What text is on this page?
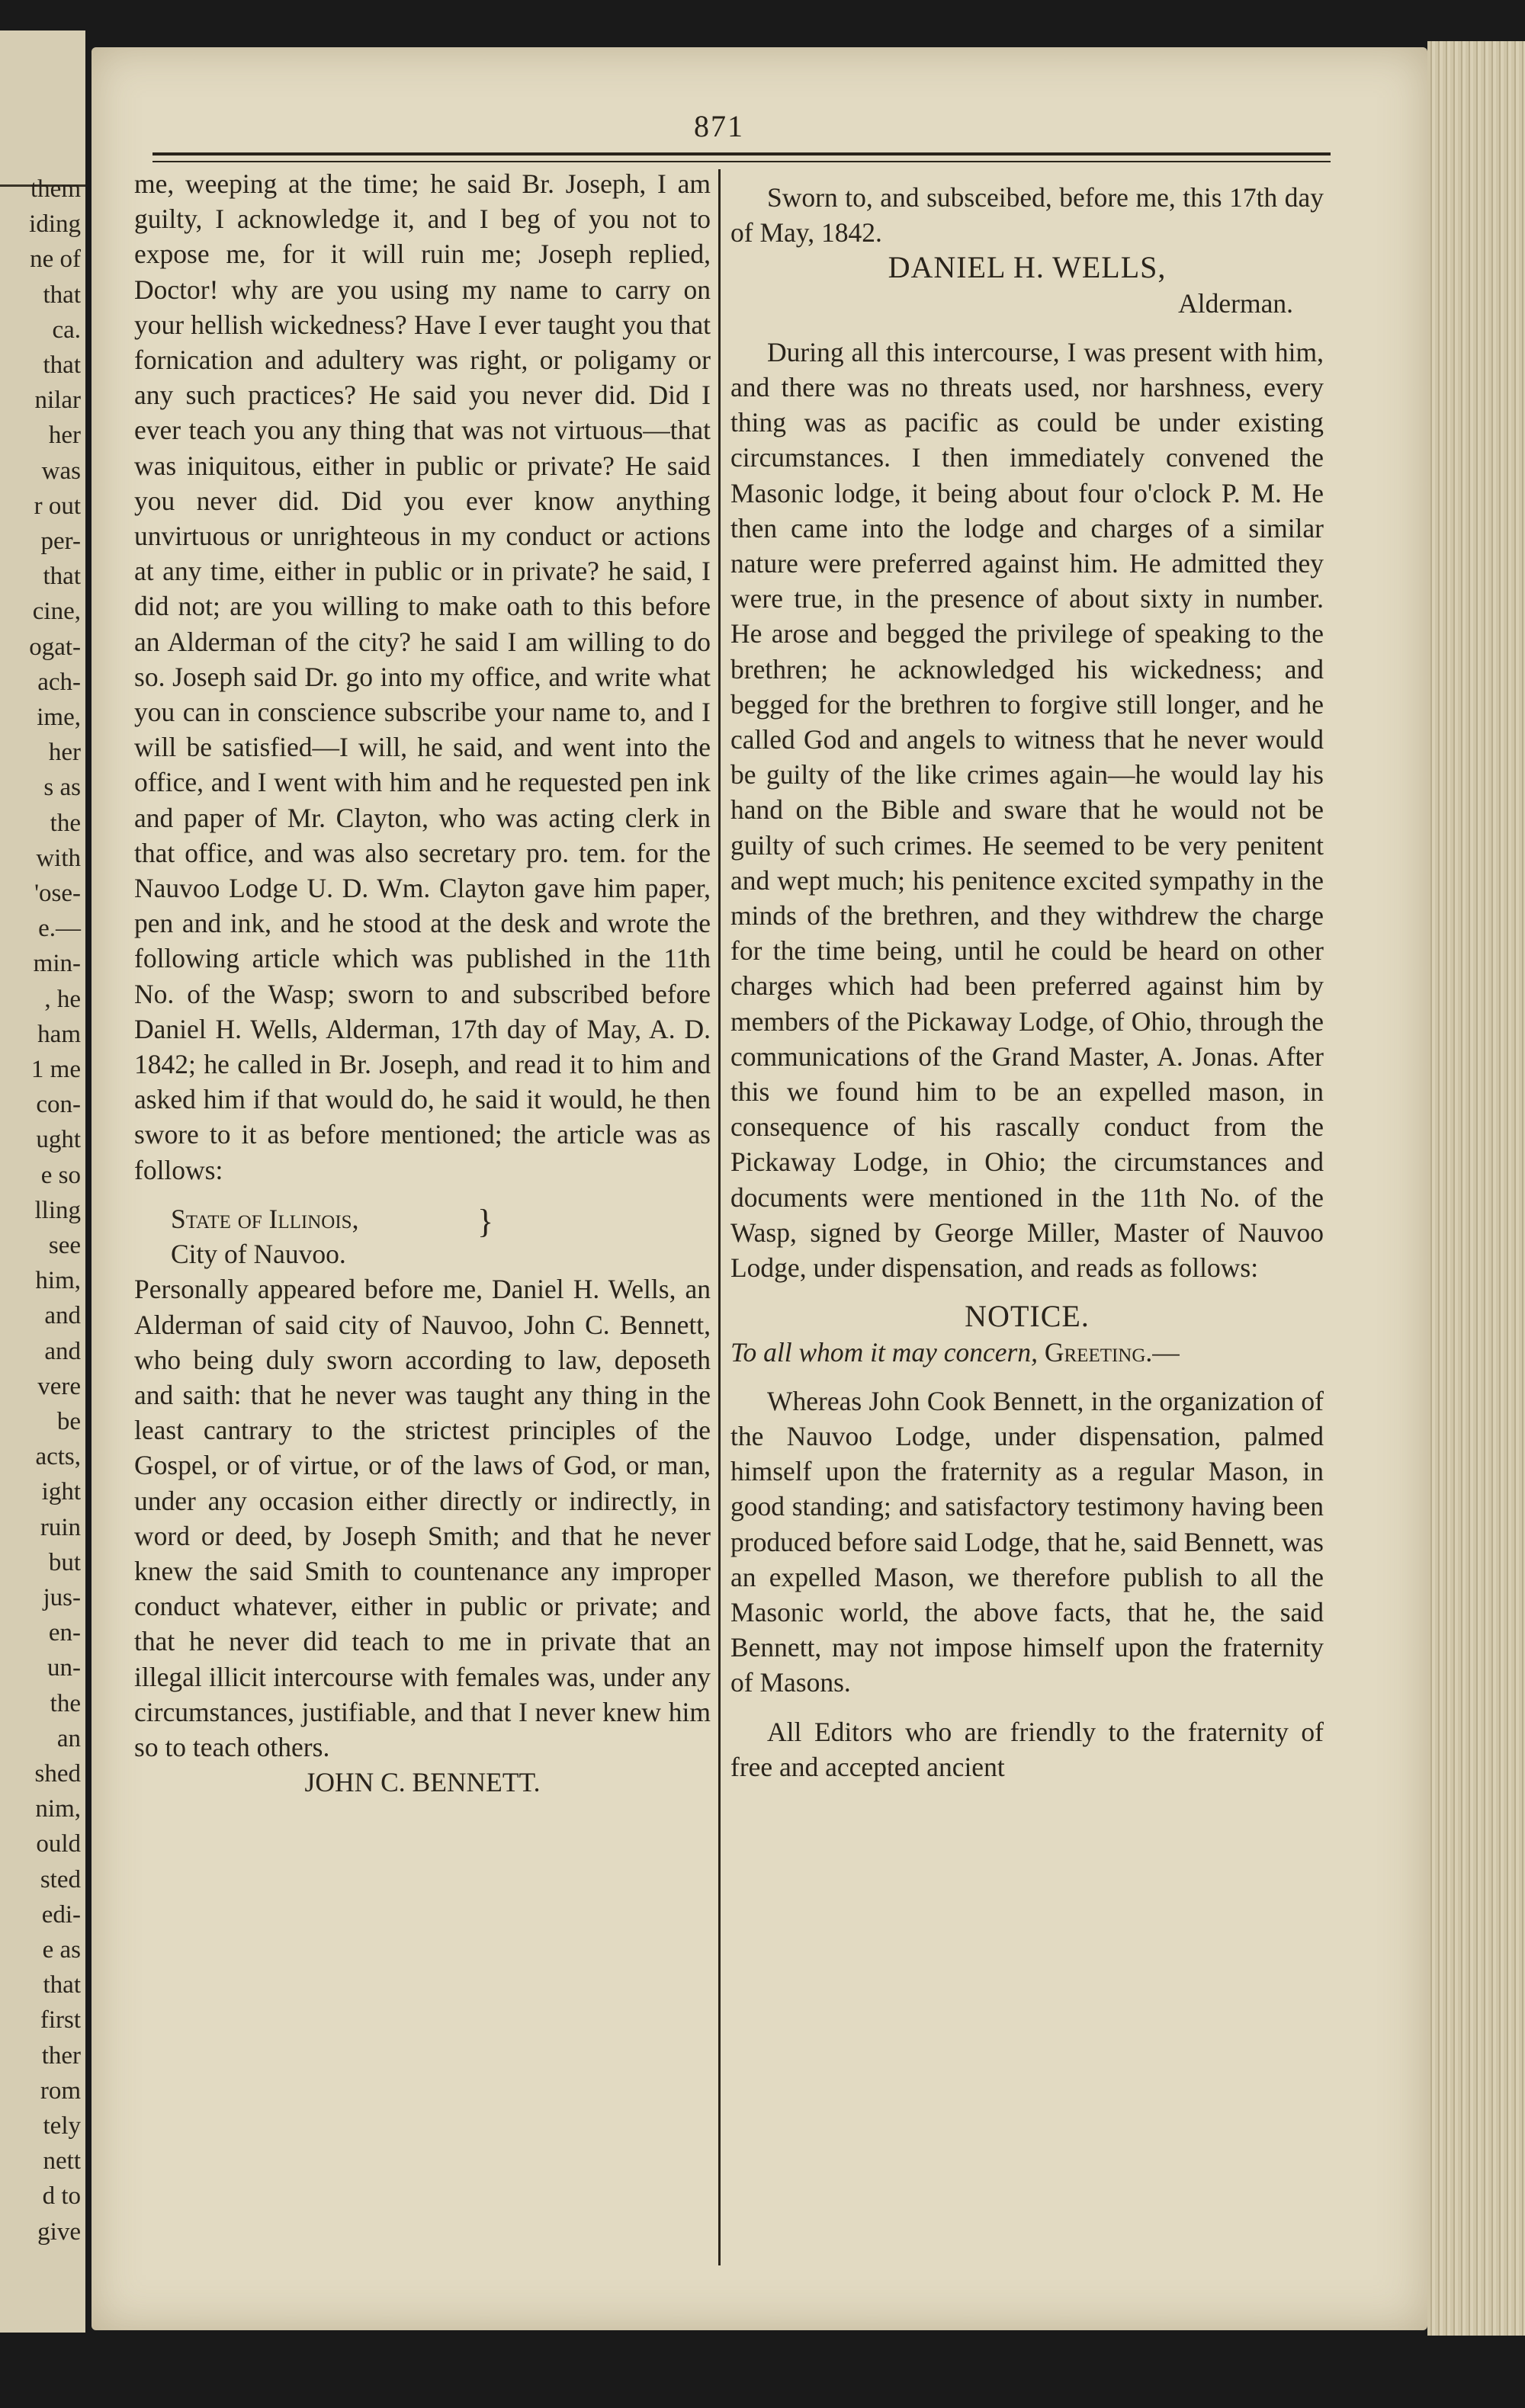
them
iding
ne of
that
ca.
that
nilar
her
was
r out
per-
that
cine,
ogat-
ach-
ime,
her
s as
the
with
'ose-
e.—
min-
, he
ham
1 me
con-
ught
e so
lling
see
him,
and
and
vere
be
acts,
ight
ruin
but
jus-
en-
un-
the
an
shed
nim,
ould
sted
edi-
e as
that
first
ther
rom
tely
nett
d to
give
871

me, weeping at the time; he said Br. Joseph, I am guilty, I acknowledge it, and I beg of you not to expose me, for it will ruin me; Joseph replied, Doctor! why are you using my name to carry on your hellish wickedness? Have I ever taught you that fornication and adultery was right, or poligamy or any such practices? He said you never did. Did I ever teach you any thing that was not virtuous—that was iniquitous, either in public or private? He said you never did. Did you ever know anything unvirtuous or unrighteous in my conduct or actions at any time, either in public or in private? he said, I did not; are you willing to make oath to this before an Alderman of the city? he said I am willing to do so. Joseph said Dr. go into my office, and write what you can in conscience subscribe your name to, and I will be satisfied—I will, he said, and went into the office, and I went with him and he requested pen ink and paper of Mr. Clayton, who was acting clerk in that office, and was also secretary pro. tem. for the Nauvoo Lodge U. D. Wm. Clayton gave him paper, pen and ink, and he stood at the desk and wrote the following article which was published in the 11th No. of the Wasp; sworn to and subscribed before Daniel H. Wells, Alderman, 17th day of May, A. D. 1842; he called in Br. Joseph, and read it to him and asked him if that would do, he said it would, he then swore to it as before mentioned; the article was as follows:

State of Illinois,
City of Nauvoo.
}

Personally appeared before me, Daniel H. Wells, an Alderman of said city of Nauvoo, John C. Bennett, who being duly sworn according to law, deposeth and saith: that he never was taught any thing in the least cantrary to the strictest principles of the Gospel, or of virtue, or of the laws of God, or man, under any occasion either directly or indirectly, in word or deed, by Joseph Smith; and that he never knew the said Smith to countenance any improper conduct whatever, either in public or private; and that he never did teach to me in private that an illegal illicit intercourse with females was, under any circumstances, justifiable, and that I never knew him so to teach others.

JOHN C. BENNETT.

Sworn to, and subsceibed, before me, this 17th day of May, 1842.

DANIEL H. WELLS,

Alderman.

During all this intercourse, I was present with him, and there was no threats used, nor harshness, every thing was as pacific as could be under existing circumstances. I then immediately convened the Masonic lodge, it being about four o'clock P. M. He then came into the lodge and charges of a similar nature were preferred against him. He admitted they were true, in the presence of about sixty in number. He arose and begged the privilege of speaking to the brethren; he acknowledged his wickedness; and begged for the brethren to forgive still longer, and he called God and angels to witness that he never would be guilty of the like crimes again—he would lay his hand on the Bible and sware that he would not be guilty of such crimes. He seemed to be very penitent and wept much; his penitence excited sympathy in the minds of the brethren, and they withdrew the charge for the time being, until he could be heard on other charges which had been preferred against him by members of the Pickaway Lodge, of Ohio, through the communications of the Grand Master, A. Jonas. After this we found him to be an expelled mason, in consequence of his rascally conduct from the Pickaway Lodge, in Ohio; the circumstances and documents were mentioned in the 11th No. of the Wasp, signed by George Miller, Master of Nauvoo Lodge, under dispensation, and reads as follows:

NOTICE.

To all whom it may concern, Greeting.—

Whereas John Cook Bennett, in the organization of the Nauvoo Lodge, under dispensation, palmed himself upon the fraternity as a regular Mason, in good standing; and satisfactory testimony having been produced before said Lodge, that he, said Bennett, was an expelled Mason, we therefore publish to all the Masonic world, the above facts, that he, the said Bennett, may not impose himself upon the fraternity of Masons.

All Editors who are friendly to the fraternity of free and accepted ancient
